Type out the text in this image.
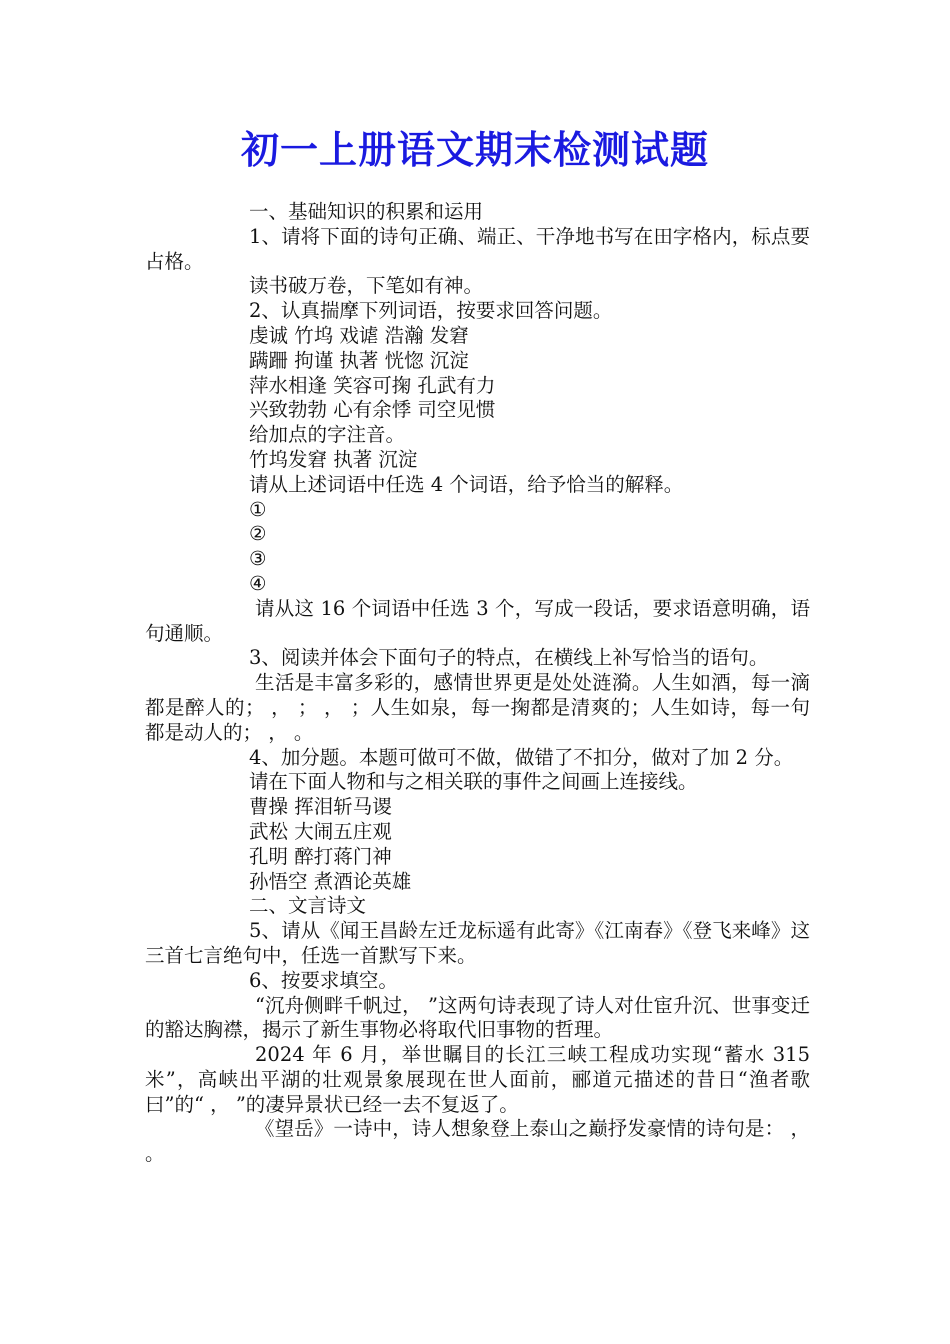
初一上册语文期末检测试题

一、基础知识的积累和运用

1、请将下面的诗句正确、端正、干净地书写在田字格内，标点要占格。

读书破万卷，下笔如有神。

2、认真揣摩下列词语，按要求回答问题。

虔诚 竹坞 戏谑 浩瀚 发窘

蹒跚 拘谨 执著 恍惚 沉淀

萍水相逢 笑容可掬 孔武有力

兴致勃勃 心有余悸 司空见惯

给加点的字注音。

竹坞发窘 执著 沉淀

请从上述词语中任选 4 个词语，给予恰当的解释。

①

②

③

④

请从这 16 个词语中任选 3 个，写成一段话，要求语意明确，语句通顺。

3、阅读并体会下面句子的特点，在横线上补写恰当的语句。

生活是丰富多彩的，感情世界更是处处涟漪。人生如酒，每一滴都是醉人的； ， ； ， ；人生如泉，每一掬都是清爽的；人生如诗，每一句都是动人的； ， 。

4、加分题。本题可做可不做，做错了不扣分，做对了加 2 分。

请在下面人物和与之相关联的事件之间画上连接线。

曹操 挥泪斩马谡

武松 大闹五庄观

孔明 醉打蒋门神

孙悟空 煮酒论英雄

二、文言诗文

5、请从《闻王昌龄左迁龙标遥有此寄》《江南春》《登飞来峰》这三首七言绝句中，任选一首默写下来。

6、按要求填空。

“沉舟侧畔千帆过， ”这两句诗表现了诗人对仕宦升沉、世事变迁的豁达胸襟，揭示了新生事物必将取代旧事物的哲理。

2024 年 6 月，举世瞩目的长江三峡工程成功实现“蓄水 315 米”，高峡出平湖的壮观景象展现在世人面前，郦道元描述的昔日“渔者歌曰”的“ ， ”的凄异景状已经一去不复返了。

《望岳》一诗中，诗人想象登上泰山之巅抒发豪情的诗句是： ， 。
